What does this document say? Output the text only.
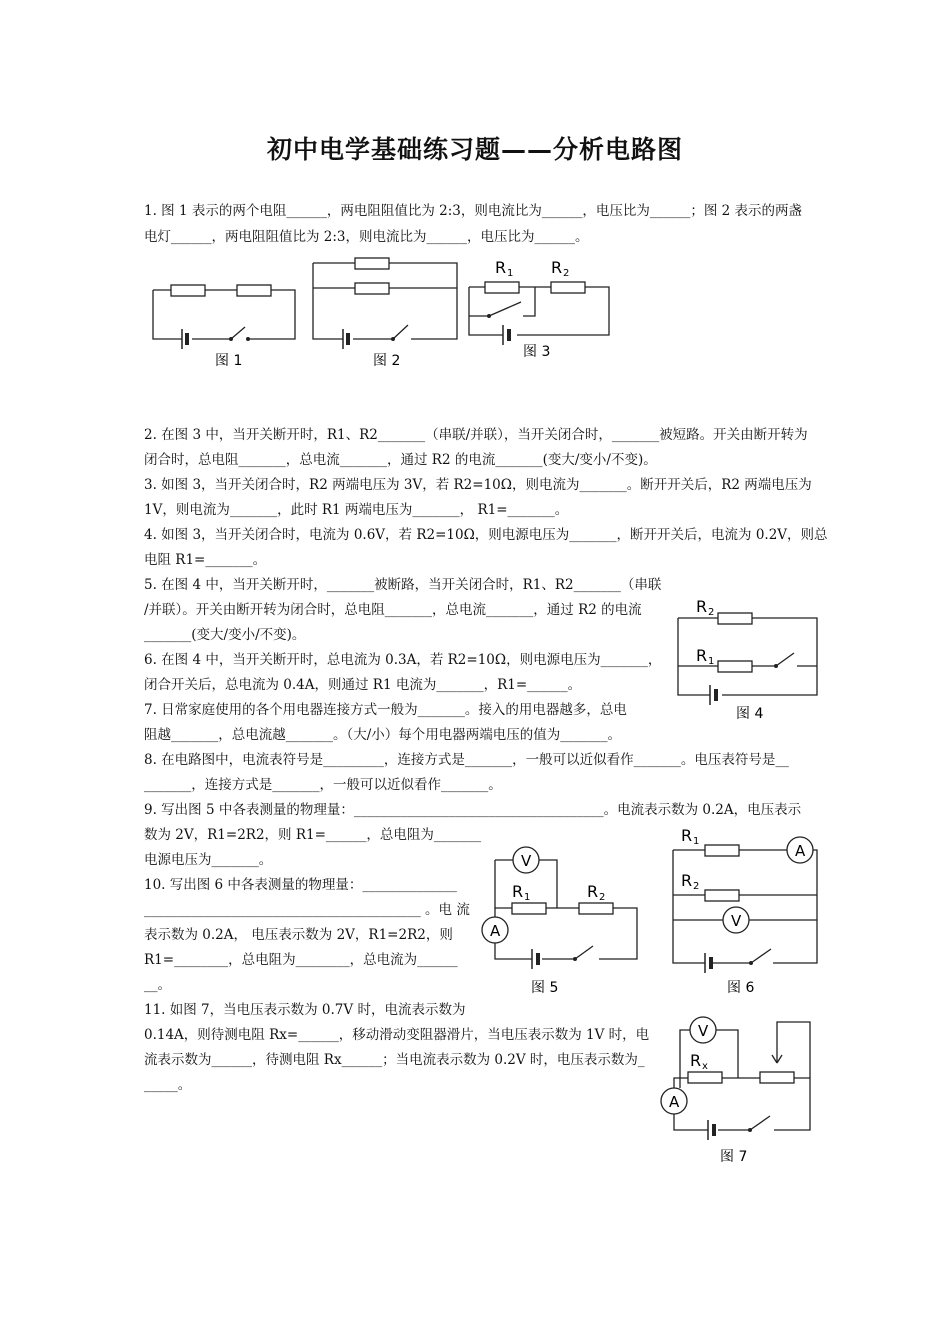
初中电学基础练习题——分析电路图
1. 图 1 表示的两个电阻______，两电阻阻值比为 2:3，则电流比为______，电压比为______；图 2 表示的两盏
电灯______，两电阻阻值比为 2:3，则电流比为______，电压比为______。
2. 在图 3 中，当开关断开时，R1、R2_______（串联/并联），当开关闭合时，_______被短路。开关由断开转为
闭合时，总电阻_______，总电流_______，通过 R2 的电流_______(变大/变小/不变)。
3. 如图 3，当开关闭合时，R2 两端电压为 3V，若 R2=10Ω，则电流为_______。断开开关后，R2 两端电压为
1V，则电流为_______，此时 R1 两端电压为_______， R1=_______。
4. 如图 3，当开关闭合时，电流为 0.6V，若 R2=10Ω，则电源电压为_______，断开开关后，电流为 0.2V，则总
电阻 R1=_______。
5. 在图 4 中，当开关断开时，_______被断路，当开关闭合时，R1、R2_______（串联
/并联）。开关由断开转为闭合时，总电阻_______，总电流_______，通过 R2 的电流
_______(变大/变小/不变)。
6. 在图 4 中，当开关断开时，总电流为 0.3A，若 R2=10Ω，则电源电压为_______，
闭合开关后，总电流为 0.4A，则通过 R1 电流为_______，R1=______。
7. 日常家庭使用的各个用电器连接方式一般为_______。接入的用电器越多，总电
阻越_______，总电流越_______。（大/小）每个用电器两端电压的值为_______。
8. 在电路图中，电流表符号是_________，连接方式是_______，一般可以近似看作_______。电压表符号是__
_______，连接方式是_______，一般可以近似看作_______。
9. 写出图 5 中各表测量的物理量：_____________________________________。电流表示数为 0.2A，电压表示
数为 2V，R1=2R2，则 R1=______，总电阻为_______
电源电压为_______。
10. 写出图 6 中各表测量的物理量：______________
_________________________________________ 。电 流
表示数为 0.2A， 电压表示数为 2V，R1=2R2，则
R1=________，总电阻为________，总电流为______
__。
11. 如图 7，当电压表示数为 0.7V 时，电流表示数为
0.14A，则待测电阻 Rx=______，移动滑动变阻器滑片，当电压表示数为 1V 时，电
流表示数为______，待测电阻 Rx______；当电流表示数为 0.2V 时，电压表示数为_
_____。
图 1	图 2
R 1 R 2
图 3
R 2
R 1
图 4
V
A
R 1	R 2
图 5
R 1
R 2
A
V
图 6
V
A
R x
图 7
